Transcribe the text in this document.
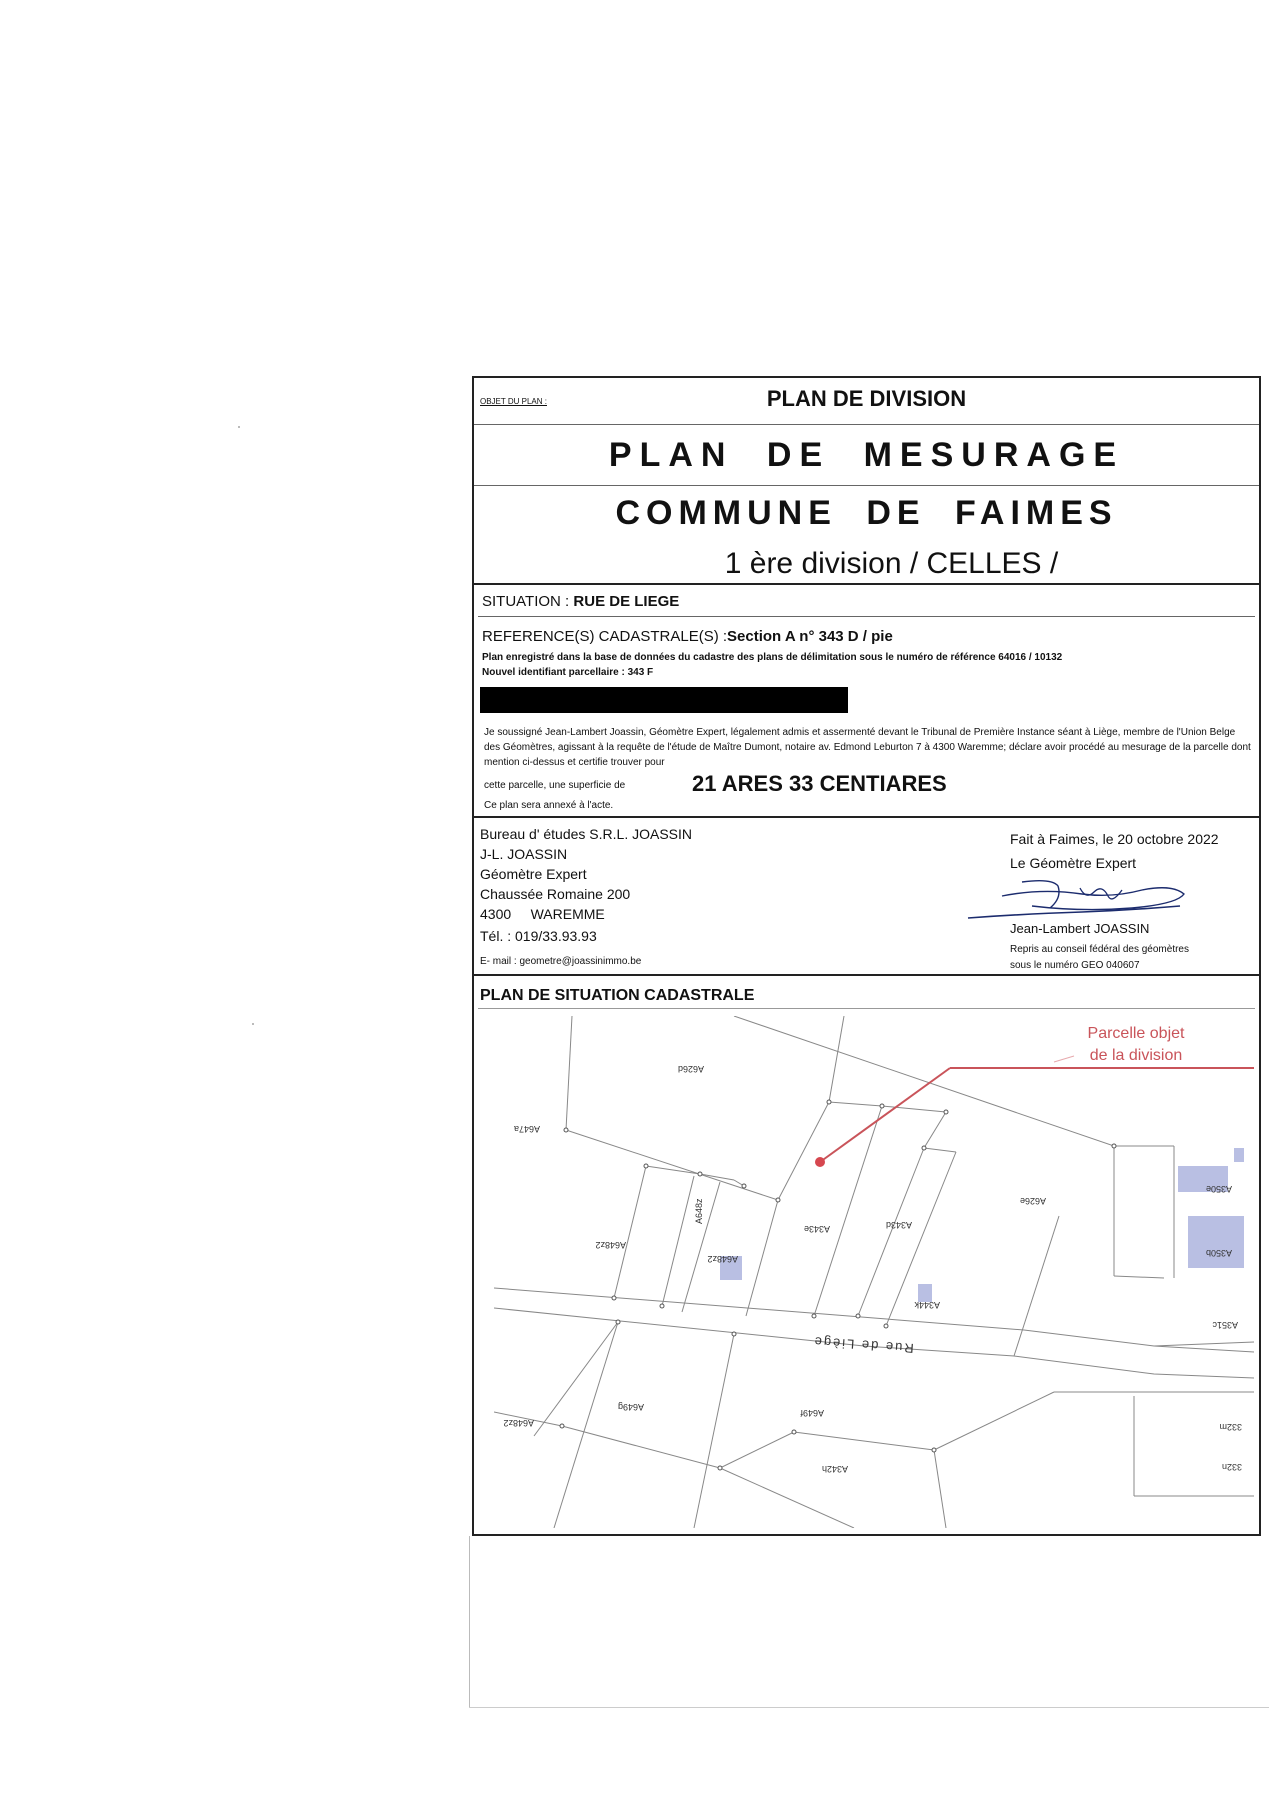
OBJET DU PLAN :	PLAN DE DIVISION
PLAN DE MESURAGE
COMMUNE DE FAIMES
1 ère division / CELLES /
SITUATION : RUE DE LIEGE
REFERENCE(S) CADASTRALE(S) :Section A n° 343 D / pie
Plan enregistré dans la base de données du cadastre des plans de délimitation sous le numéro de référence 64016 / 10132
Nouvel identifiant parcellaire : 343 F
Je soussigné Jean-Lambert Joassin, Géomètre Expert, légalement admis et assermenté devant le Tribunal de Première Instance séant à Liège, membre de l'Union Belge des Géomètres, agissant à la requête de l'étude de Maître Dumont, notaire av. Edmond Leburton 7 à 4300 Waremme; déclare avoir procédé au mesurage de la parcelle dont mention ci-dessus et certifie trouver pour
cette parcelle, une superficie de	21 ARES 33 CENTIARES
Ce plan sera annexé à l'acte.
Bureau d' études S.R.L. JOASSIN
J-L. JOASSIN
Géomètre Expert
Chaussée Romaine 200
4300     WAREMME
Tél. : 019/33.93.93
E- mail : geometre@joassinimmo.be
Fait à Faimes, le 20 octobre 2022
Le Géomètre Expert
Jean-Lambert JOASSIN
Repris au conseil fédéral des géomètres
sous le numéro GEO 040607
PLAN DE SITUATION CADASTRALE
A626d
A647a
A648z2
A648z
A648z2
A343e	A343d
A626e
A350e
A350b
A344k
A351c
A649f
A649g
A648z2
A342h
332m
332n
Rue de Liège
Parcelle objet
de la division
